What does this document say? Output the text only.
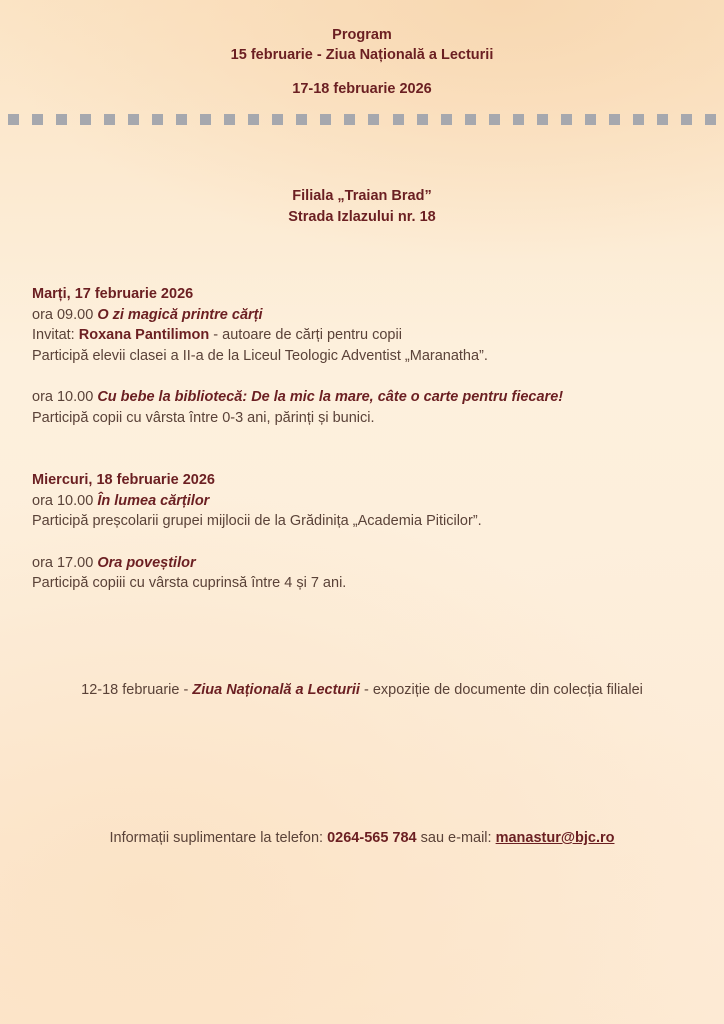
Program
15 februarie - Ziua Națională a Lecturii
17-18 februarie 2026
Filiala „Traian Brad”
Strada Izlazului nr. 18
Marți, 17 februarie 2026
ora 09.00 O zi magică printre cărți
Invitat: Roxana Pantilimon - autoare de cărți pentru copii
Participă elevii clasei a II-a de la Liceul Teologic Adventist „Maranatha”.
ora 10.00 Cu bebe la bibliotecă: De la mic la mare, câte o carte pentru fiecare!
Participă copii cu vârsta între 0-3 ani, părinți și bunici.
Miercuri, 18 februarie 2026
ora 10.00 În lumea cărților
Participă preșcolarii grupei mijlocii de la Grădinița „Academia Piticilor”.
ora 17.00 Ora poveștilor
Participă copiii cu vârsta cuprinsă între 4 și 7 ani.
12-18 februarie - Ziua Națională a Lecturii - expoziție de documente din colecția filialei
Informații suplimentare la telefon: 0264-565 784 sau e-mail: manastur@bjc.ro
